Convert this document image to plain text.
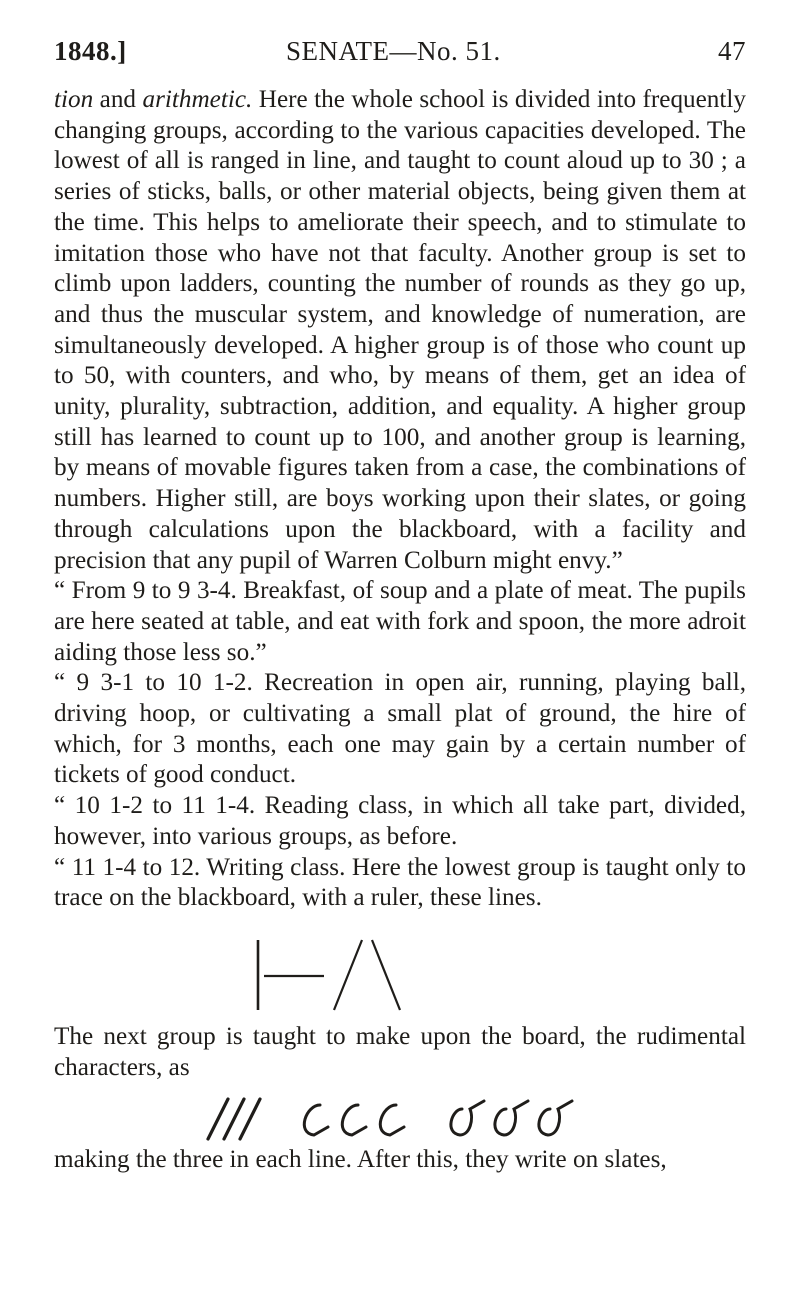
1848.]	SENATE—No. 51.	47

tion and arithmetic. Here the whole school is divided into frequently changing groups, according to the various capacities developed. The lowest of all is ranged in line, and taught to count aloud up to 30 ; a series of sticks, balls, or other material objects, being given them at the time. This helps to ameliorate their speech, and to stimulate to imitation those who have not that faculty. Another group is set to climb upon ladders, counting the number of rounds as they go up, and thus the muscular system, and knowledge of numeration, are simultaneously developed. A higher group is of those who count up to 50, with counters, and who, by means of them, get an idea of unity, plurality, subtraction, addition, and equality. A higher group still has learned to count up to 100, and another group is learning, by means of movable figures taken from a case, the combinations of numbers. Higher still, are boys working upon their slates, or going through calculations upon the blackboard, with a facility and precision that any pupil of Warren Colburn might envy.”

“ From 9 to 9 3-4. Breakfast, of soup and a plate of meat. The pupils are here seated at table, and eat with fork and spoon, the more adroit aiding those less so.”

“ 9 3-1 to 10 1-2. Recreation in open air, running, playing ball, driving hoop, or cultivating a small plat of ground, the hire of which, for 3 months, each one may gain by a certain number of tickets of good conduct.

“ 10 1-2 to 11 1-4. Reading class, in which all take part, divided, however, into various groups, as before.

“ 11 1-4 to 12. Writing class. Here the lowest group is taught only to trace on the blackboard, with a ruler, these lines.

The next group is taught to make upon the board, the rudimental characters, as
making the three in each line. After this, they write on slates,
